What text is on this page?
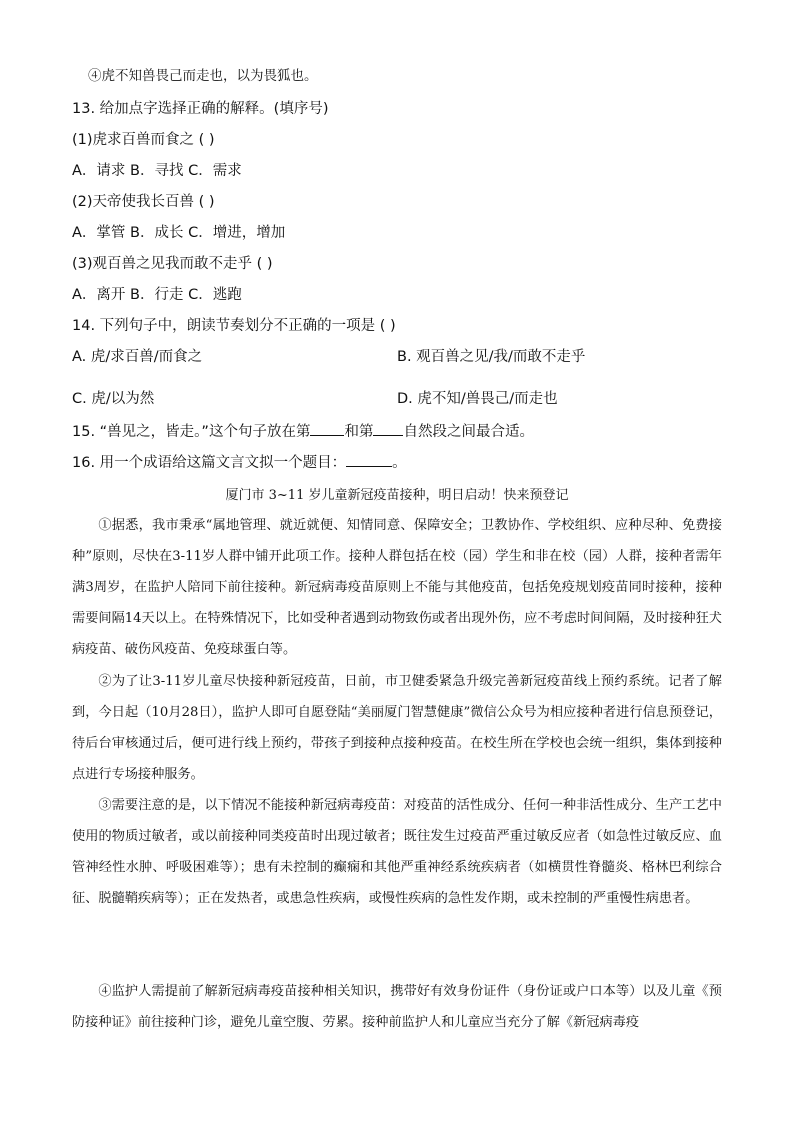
④虎不知兽畏己而走也，以为畏狐也。
13. 给加点字选择正确的解释。(填序号)
(1)虎求百兽而食之 ( )
A．请求 B．寻找 C．需求
(2)天帝使我长百兽 ( )
A．掌管 B．成长 C．增进，增加
(3)观百兽之见我而敢不走乎 ( )
A．离开 B．行走 C．逃跑
14. 下列句子中，朗读节奏划分不正确的一项是 ( )
A. 虎/求百兽/而食之	B. 观百兽之见/我/而敢不走乎
C. 虎/以为然	D. 虎不知/兽畏己/而走也
15. “兽见之，皆走。”这个句子放在第 和第 自然段之间最合适。
16. 用一个成语给这篇文言文拟一个题目：	。
厦门市 3~11 岁儿童新冠疫苗接种，明日启动！快来预登记
①据悉，我市秉承“属地管理、就近就便、知情同意、保障安全；卫教协作、学校组织、应种尽种、免费接种”原则，尽快在3-11岁人群中铺开此项工作。接种人群包括在校（园）学生和非在校（园）人群，接种者需年满3周岁，在监护人陪同下前往接种。新冠病毒疫苗原则上不能与其他疫苗，包括免疫规划疫苗同时接种，接种需要间隔14天以上。在特殊情况下，比如受种者遇到动物致伤或者出现外伤，应不考虑时间间隔，及时接种狂犬病疫苗、破伤风疫苗、免疫球蛋白等。
②为了让3-11岁儿童尽快接种新冠疫苗，日前，市卫健委紧急升级完善新冠疫苗线上预约系统。记者了解到，今日起（10月28日），监护人即可自愿登陆“美丽厦门智慧健康”微信公众号为相应接种者进行信息预登记，待后台审核通过后，便可进行线上预约，带孩子到接种点接种疫苗。在校生所在学校也会统一组织，集体到接种点进行专场接种服务。
③需要注意的是，以下情况不能接种新冠病毒疫苗：对疫苗的活性成分、任何一种非活性成分、生产工艺中使用的物质过敏者，或以前接种同类疫苗时出现过敏者；既往发生过疫苗严重过敏反应者（如急性过敏反应、血管神经性水肿、呼吸困难等）；患有未控制的癫痫和其他严重神经系统疾病者（如横贯性脊髓炎、格林巴利综合征、脱髓鞘疾病等）；正在发热者，或患急性疾病，或慢性疾病的急性发作期，或未控制的严重慢性病患者。
④监护人需提前了解新冠病毒疫苗接种相关知识，携带好有效身份证件（身份证或户口本等）以及儿童《预防接种证》前往接种门诊，避免儿童空腹、劳累。接种前监护人和儿童应当充分了解《新冠病毒疫
